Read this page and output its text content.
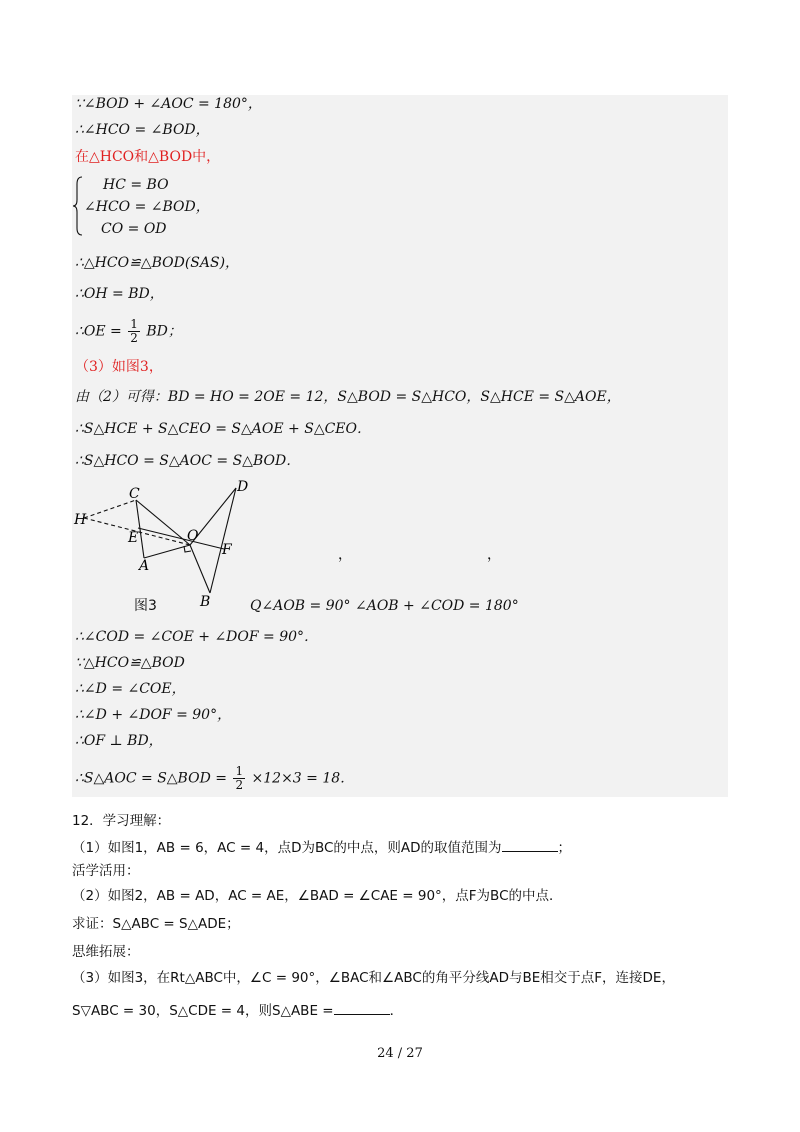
∵∠BOD + ∠AOC = 180°，
∴∠HCO = ∠BOD，
在△HCO和△BOD中，
HC = BO
∠HCO = ∠BOD，
CO = OD
∴△HCO≌△BOD(SAS)，
∴OH = BD，
∴OE = $\frac{1}{2}$ BD；
（3）如图3，
由（2）可得：BD = HO = 2OE = 12，S△BOD = S△HCO，S△HCE = S△AOE，
∴S△HCE + S△CEO = S△AOE + S△CEO．
∴S△HCO = S△AOC = S△BOD．
H
C	D
E	O
F
A
B
，	，
图3	Q∠AOB = 90° ∠AOB + ∠COD = 180°
∴∠COD = ∠COE + ∠DOF = 90°．
∵△HCO≌△BOD
∴∠D = ∠COE，
∴∠D + ∠DOF = 90°，
∴OF ⊥ BD，
∴S△AOC = S△BOD = $\frac{1}{2} \times 12\times 3 = 18$．
12．学习理解：
（1）如图1，AB = 6，AC = 4，点D为BC的中点，则AD的取值范围为	；
活学活用：
（2）如图2，AB = AD，AC = AE，∠BAD = ∠CAE = 90°，点F为BC的中点．
求证：S△ABC = S△ADE；
思维拓展：
（3）如图3，在Rt△ABC中，∠C = 90°，∠BAC和∠ABC的角平分线AD与BE相交于点F，连接DE，
S▽ABC = 30，S△CDE = 4，则S△ABE =	．
24 / 27
